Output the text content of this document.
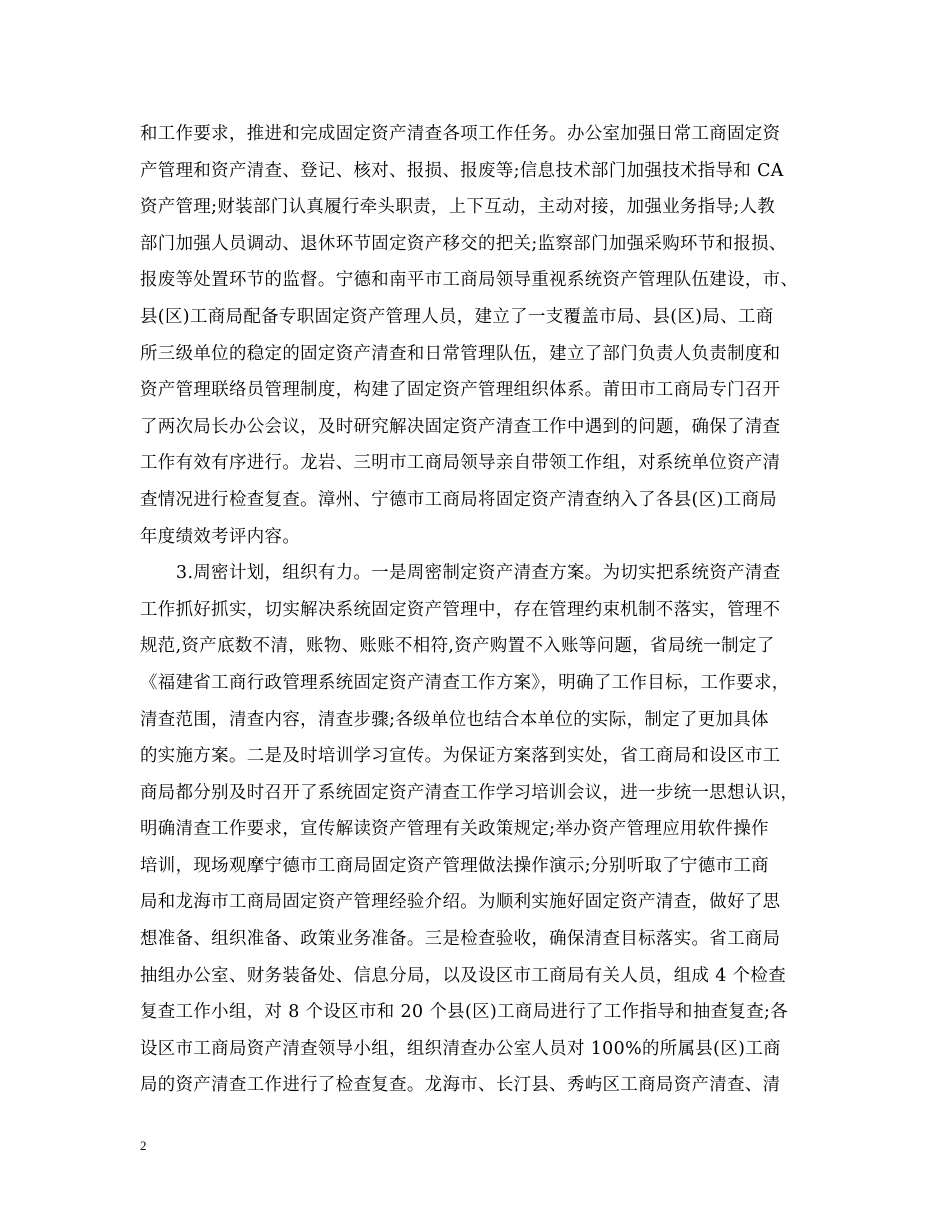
和工作要求，推进和完成固定资产清查各项工作任务。办公室加强日常工商固定资
产管理和资产清查、登记、核对、报损、报废等;信息技术部门加强技术指导和 CA
资产管理;财装部门认真履行牵头职责，上下互动，主动对接，加强业务指导;人教
部门加强人员调动、退休环节固定资产移交的把关;监察部门加强采购环节和报损、
报废等处置环节的监督。宁德和南平市工商局领导重视系统资产管理队伍建设，市、
县(区)工商局配备专职固定资产管理人员，建立了一支覆盖市局、县(区)局、工商
所三级单位的稳定的固定资产清查和日常管理队伍，建立了部门负责人负责制度和
资产管理联络员管理制度，构建了固定资产管理组织体系。莆田市工商局专门召开
了两次局长办公会议，及时研究解决固定资产清查工作中遇到的问题，确保了清查
工作有效有序进行。龙岩、三明市工商局领导亲自带领工作组，对系统单位资产清
查情况进行检查复查。漳州、宁德市工商局将固定资产清查纳入了各县(区)工商局
年度绩效考评内容。
3.周密计划，组织有力。一是周密制定资产清查方案。为切实把系统资产清查
工作抓好抓实，切实解决系统固定资产管理中，存在管理约束机制不落实，管理不
规范,资产底数不清，账物、账账不相符,资产购置不入账等问题，省局统一制定了
《福建省工商行政管理系统固定资产清查工作方案》，明确了工作目标，工作要求，
清查范围，清查内容，清查步骤;各级单位也结合本单位的实际，制定了更加具体
的实施方案。二是及时培训学习宣传。为保证方案落到实处，省工商局和设区市工
商局都分别及时召开了系统固定资产清查工作学习培训会议，进一步统一思想认识，
明确清查工作要求，宣传解读资产管理有关政策规定;举办资产管理应用软件操作
培训，现场观摩宁德市工商局固定资产管理做法操作演示;分别听取了宁德市工商
局和龙海市工商局固定资产管理经验介绍。为顺利实施好固定资产清查，做好了思
想准备、组织准备、政策业务准备。三是检查验收，确保清查目标落实。省工商局
抽组办公室、财务装备处、信息分局，以及设区市工商局有关人员，组成 4 个检查
复查工作小组，对 8 个设区市和 20 个县(区)工商局进行了工作指导和抽查复查;各
设区市工商局资产清查领导小组，组织清查办公室人员对 100%的所属县(区)工商
局的资产清查工作进行了检查复查。龙海市、长汀县、秀屿区工商局资产清查、清
2
